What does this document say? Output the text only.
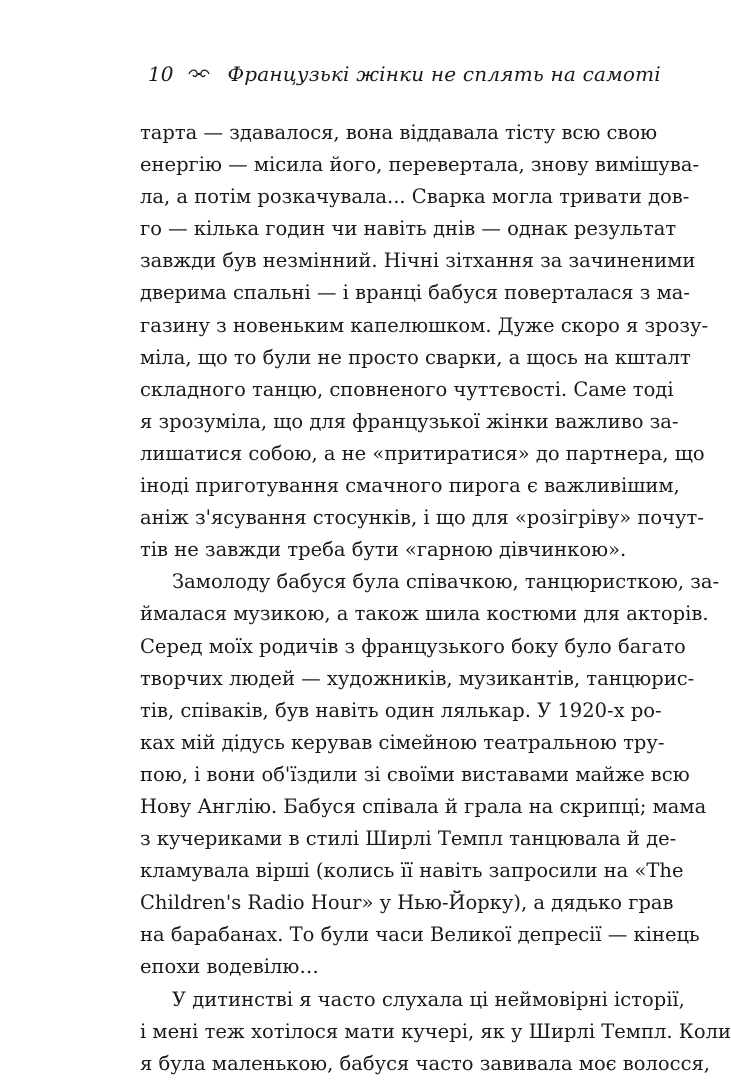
10	Французькі жінки не сплять на самоті
тарта — здавалося, вона віддавала тісту всю свою
енергію — місила його, перевертала, знову вимішува-
ла, а потім розкачувала... Сварка могла тривати дов-
го — кілька годин чи навіть днів — однак результат
завжди був незмінний. Нічні зітхання за зачиненими
дверима спальні — і вранці бабуся поверталася з ма-
газину з новеньким капелюшком. Дуже скоро я зрозу-
міла, що то були не просто сварки, а щось на кшталт
складного танцю, сповненого чуттєвості. Саме тоді
я зрозуміла, що для французької жінки важливо за-
лишатися собою, а не «притиратися» до партнера, що
іноді приготування смачного пирога є важливішим,
аніж з'ясування стосунків, і що для «розігріву» почут-
тів не завжди треба бути «гарною дівчинкою».
Замолоду бабуся була співачкою, танцюристкою, за-
ймалася музикою, а також шила костюми для акторів.
Серед моїх родичів з французького боку було багато
творчих людей — художників, музикантів, танцюрис-
тів, співаків, був навіть один лялькар. У 1920-х ро-
ках мій дідусь керував сімейною театральною тру-
пою, і вони об'їздили зі своїми виставами майже всю
Нову Англію. Бабуся співала й грала на скрипці; мама
з кучериками в стилі Ширлі Темпл танцювала й де-
кламувала вірші (колись її навіть запросили на «The
Children's Radio Hour» у Нью-Йорку), а дядько грав
на барабанах. То були часи Великої депресії — кінець
епохи водевілю…
У дитинстві я часто слухала ці неймовірні історії,
і мені теж хотілося мати кучері, як у Ширлі Темпл. Коли
я була маленькою, бабуся часто завивала моє волосся,
